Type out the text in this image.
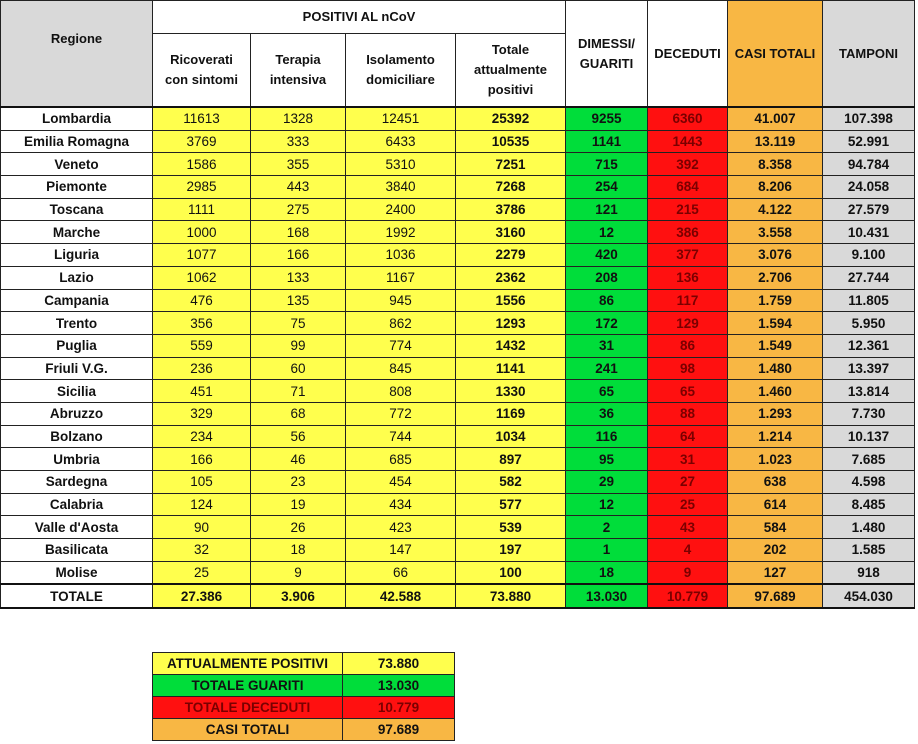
Regione	POSITIVI AL nCoV				DIMESSI/ GUARITI	DECEDUTI	CASI TOTALI	TAMPONI
	Ricoverati con sintomi	Terapia intensiva	Isolamento domiciliare	Totale attualmente positivi				
Lombardia	11613	1328	12451	25392	9255	6360	41.007	107.398
Emilia Romagna	3769	333	6433	10535	1141	1443	13.119	52.991
Veneto	1586	355	5310	7251	715	392	8.358	94.784
Piemonte	2985	443	3840	7268	254	684	8.206	24.058
Toscana	1111	275	2400	3786	121	215	4.122	27.579
Marche	1000	168	1992	3160	12	386	3.558	10.431
Liguria	1077	166	1036	2279	420	377	3.076	9.100
Lazio	1062	133	1167	2362	208	136	2.706	27.744
Campania	476	135	945	1556	86	117	1.759	11.805
Trento	356	75	862	1293	172	129	1.594	5.950
Puglia	559	99	774	1432	31	86	1.549	12.361
Friuli V.G.	236	60	845	1141	241	98	1.480	13.397
Sicilia	451	71	808	1330	65	65	1.460	13.814
Abruzzo	329	68	772	1169	36	88	1.293	7.730
Bolzano	234	56	744	1034	116	64	1.214	10.137
Umbria	166	46	685	897	95	31	1.023	7.685
Sardegna	105	23	454	582	29	27	638	4.598
Calabria	124	19	434	577	12	25	614	8.485
Valle d'Aosta	90	26	423	539	2	43	584	1.480
Basilicata	32	18	147	197	1	4	202	1.585
Molise	25	9	66	100	18	9	127	918
TOTALE	27.386	3.906	42.588	73.880	13.030	10.779	97.689	454.030
ATTUALMENTE POSITIVI	73.880
TOTALE GUARITI	13.030
TOTALE DECEDUTI	10.779
CASI TOTALI	97.689
